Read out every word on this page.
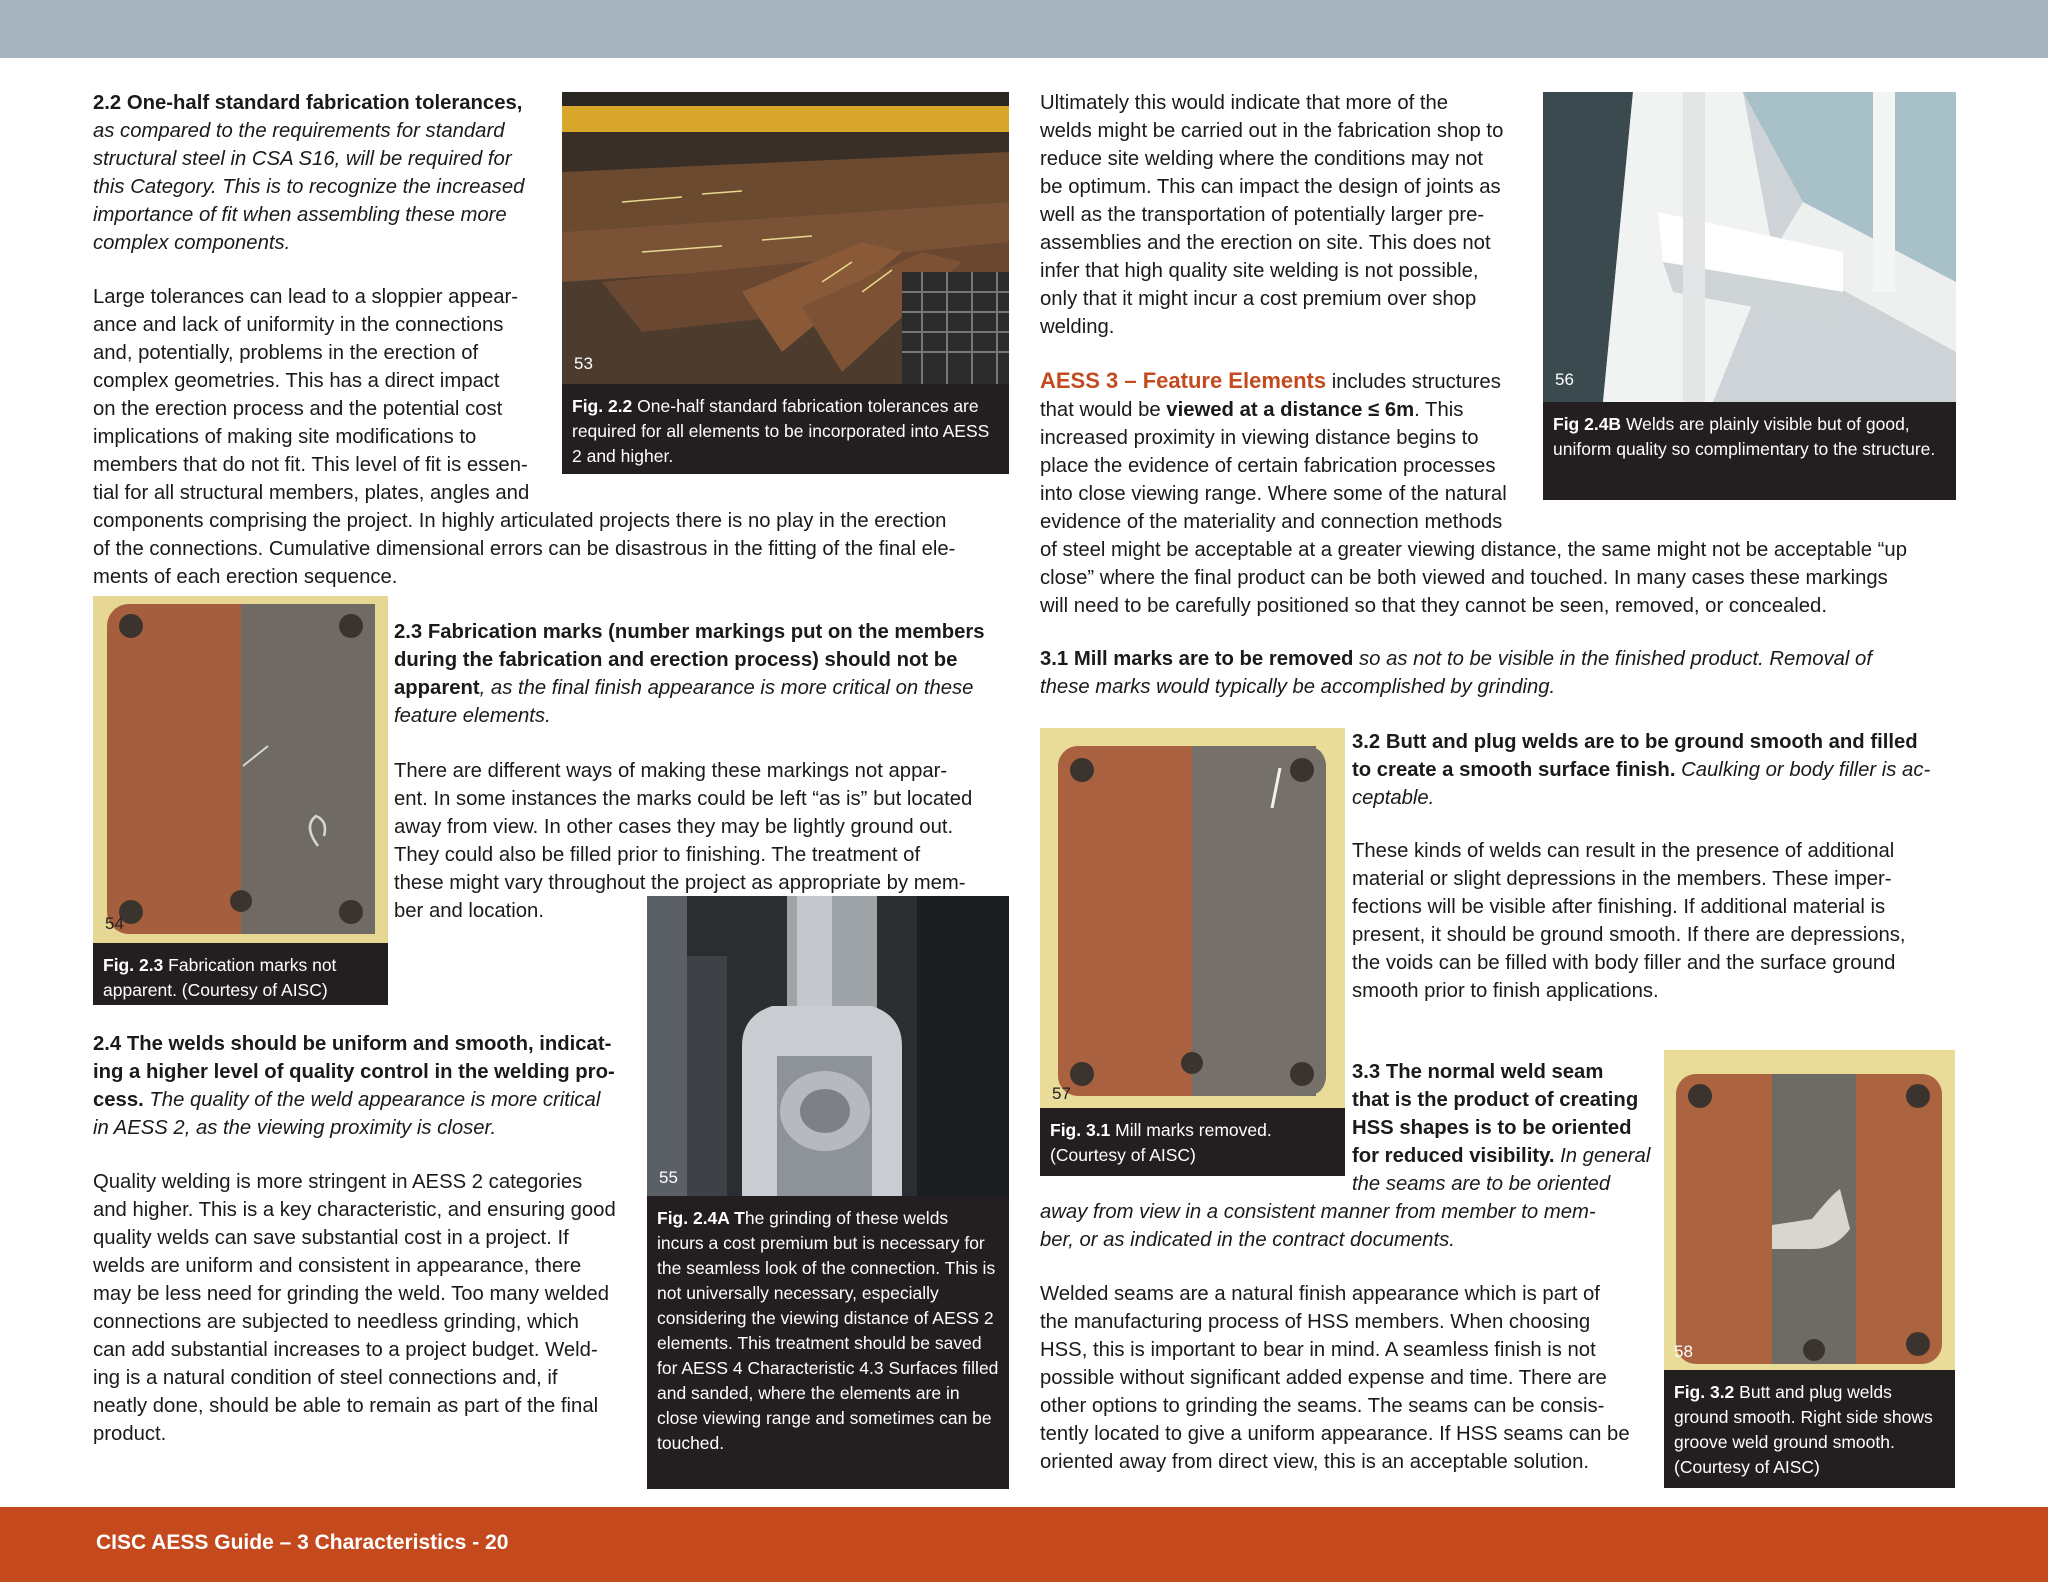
2.2 One-half standard fabrication tolerances,
as compared to the requirements for standard
structural steel in CSA S16, will be required for
this Category. This is to recognize the increased
importance of fit when assembling these more
complex components.
Large tolerances can lead to a sloppier appear-
ance and lack of uniformity in the connections
and, potentially, problems in the erection of
complex geometries. This has a direct impact
on the erection process and the potential cost
implications of making site modifications to
members that do not fit. This level of fit is essen-
tial for all structural members, plates, angles and
components comprising the project. In highly articulated projects there is no play in the erection
of the connections. Cumulative dimensional errors can be disastrous in the fitting of the final ele-
ments of each erection sequence.
2.3 Fabrication marks (number markings put on the members
during the fabrication and erection process) should not be
apparent, as the final finish appearance is more critical on these
feature elements.
There are different ways of making these markings not appar-
ent. In some instances the marks could be left “as is” but located
away from view. In other cases they may be lightly ground out.
They could also be filled prior to finishing. The treatment of
these might vary throughout the project as appropriate by mem-
ber and location.
2.4 The welds should be uniform and smooth, indicat-
ing a higher level of quality control in the welding pro-
cess. The quality of the weld appearance is more critical
in AESS 2, as the viewing proximity is closer.
Quality welding is more stringent in AESS 2 categories
and higher. This is a key characteristic, and ensuring good
quality welds can save substantial cost in a project. If
welds are uniform and consistent in appearance, there
may be less need for grinding the weld. Too many welded
connections are subjected to needless grinding, which
can add substantial increases to a project budget. Weld-
ing is a natural condition of steel connections and, if
neatly done, should be able to remain as part of the final
product.
Ultimately this would indicate that more of the
welds might be carried out in the fabrication shop to
reduce site welding where the conditions may not
be optimum. This can impact the design of joints as
well as the transportation of potentially larger pre-
assemblies and the erection on site. This does not
infer that high quality site welding is not possible,
only that it might incur a cost premium over shop
welding.
AESS 3 – Feature Elements includes structures
that would be viewed at a distance ≤ 6m. This
increased proximity in viewing distance begins to
place the evidence of certain fabrication processes
into close viewing range. Where some of the natural
evidence of the materiality and connection methods
of steel might be acceptable at a greater viewing distance, the same might not be acceptable “up
close” where the final product can be both viewed and touched. In many cases these markings
will need to be carefully positioned so that they cannot be seen, removed, or concealed.
3.1 Mill marks are to be removed so as not to be visible in the finished product. Removal of
these marks would typically be accomplished by grinding.
3.2 Butt and plug welds are to be ground smooth and filled
to create a smooth surface finish. Caulking or body filler is ac-
ceptable.
These kinds of welds can result in the presence of additional
material or slight depressions in the members. These imper-
fections will be visible after finishing. If additional material is
present, it should be ground smooth. If there are depressions,
the voids can be filled with body filler and the surface ground
smooth prior to finish applications.
3.3 The normal weld seam
that is the product of creating
HSS shapes is to be oriented
for reduced visibility. In general
the seams are to be oriented
away from view in a consistent manner from member to mem-
ber, or as indicated in the contract documents.
Welded seams are a natural finish appearance which is part of
the manufacturing process of HSS members. When choosing
HSS, this is important to bear in mind. A seamless finish is not
possible without significant added expense and time. There are
other options to grinding the seams. The seams can be consis-
tently located to give a uniform appearance. If HSS seams can be
oriented away from direct view, this is an acceptable solution.
53
Fig. 2.2 One-half standard fabrication tolerances are required for all elements to be incorporated into AESS 2 and higher.
54
Fig. 2.3 Fabrication marks not apparent. (Courtesy of AISC)
55
Fig. 2.4A The grinding of these welds incurs a cost premium but is necessary for the seamless look of the connection. This is not universally necessary, especially considering the viewing distance of AESS 2 elements. This treatment should be saved for AESS 4 Characteristic 4.3 Surfaces filled and sanded, where the elements are in close viewing range and sometimes can be touched.
56
Fig 2.4B Welds are plainly visible but of good, uniform quality so complimentary to the structure.
57
Fig. 3.1 Mill marks removed. (Courtesy of AISC)
58
Fig. 3.2 Butt and plug welds ground smooth. Right side shows groove weld ground smooth. (Courtesy of AISC)
CISC AESS Guide – 3 Characteristics - 20
